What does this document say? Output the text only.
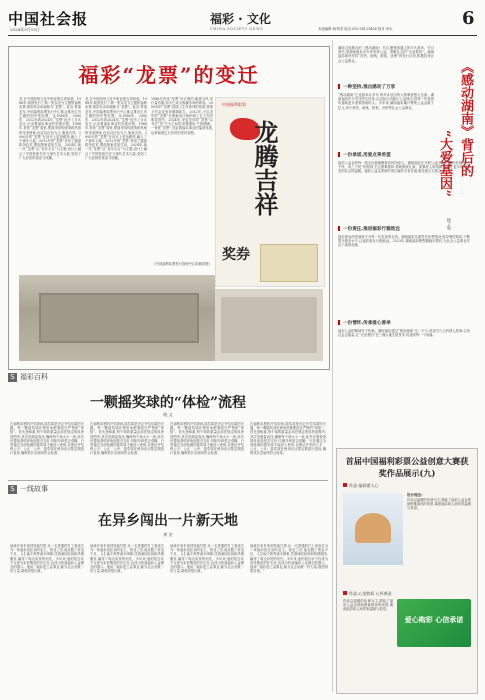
中国社会报
2024年3月15日
福彩 · 文化
CHINA SOCIETY NEWS	本版编辑:杨李国 电话:010-58123456 校对:李永	6
福彩“龙票”的变迁
龙,在中国传统文化中象征着吉祥如意。1988年,我国发行了第一张以龙为主题的福利彩票,被彩民亲切地称为“龙票”。此后,每逢龙年,中国福利彩票发行中心都会推出生肖主题的即开型彩票。从1988年、2000年、2012年到2024年,“龙票”经历了多次变迁,记录着福彩事业的发展历程。1988年,首张“龙票”面世,票面采用传统剪纸风格的龙形图案,色彩以红色为主,寓意吉祥。2000年的“龙票”在设计上更加精美,融入了千禧年元素。2012年的“龙票”采用了镭射防伪技术,票面图案更加生动。2024年,新一代“龙票”以“龙年大吉”为主题,设计上融合了中国传统书法与现代艺术元素,受到了广大彩民的喜爱与收藏。
龙,在中国传统文化中象征着吉祥如意。1988年,我国发行了第一张以龙为主题的福利彩票,被彩民亲切地称为“龙票”。此后,每逢龙年,中国福利彩票发行中心都会推出生肖主题的即开型彩票。从1988年、2000年、2012年到2024年,“龙票”经历了多次变迁,记录着福彩事业的发展历程。1988年,首张“龙票”面世,票面采用传统剪纸风格的龙形图案,色彩以红色为主,寓意吉祥。2000年的“龙票”在设计上更加精美,融入了千禧年元素。2012年的“龙票”采用了镭射防伪技术,票面图案更加生动。2024年,新一代“龙票”以“龙年大吉”为主题,设计上融合了中国传统书法与现代艺术元素,受到了广大彩民的喜爱与收藏。
1988年首张“龙票”设计简约,寓意吉祥,发行量有限,如今已成为收藏市场的珍品。2000年的“龙票”延续了生肖系列的传统,票面上的金龙形象栩栩如生。2012年,壬辰龙年的“龙票”在图案设计和印刷工艺上均有明显提升。2024年,甲辰龙年的“龙票”以书法“龙”字为主视觉,浓墨重彩,气势磅礴。一张张“龙票”,见证着福彩事业的蓬勃发展,也承载着亿万彩民的美好祝愿。
(中国福利彩票发行管理中心供稿供图)
中国福利彩票
龙腾吉祥
奖券
《感动湖南》背后的
“大爱基因”
杨立勋
湖南卫视推出的《感动湖南》节目,聚焦普通人的平凡善举。节目背后,是湖南福彩多年来坚持公益、奉献社会的“大爱基因”。湖南福彩始终坚持“扶老、助残、救孤、济困”的发行宗旨,积极投身社会公益事业。
一种坚持,推出感动了万家
“感动湖南”已连续举办多年,每年评选出的人物事迹感人至深。湖南福彩作为节目的支持者,以实际行动践行公益理念,将每一份善意传递给更多需要帮助的人。多年来,湖南福彩累计筹集公益金数十亿元,用于养老、助残、救孤、济困等社会公益事业。
一份承诺,用爱点亮希望
福彩公益金的每一笔支出都凝聚着彩民的爱心。湖南福彩在开展公益活动时,始终坚持“取之于民、用之于民”的原则,关注困难群体,帮助困境儿童、孤寡老人和残障人士,让更多的人感受到社会的温暖。福彩公益金资助的项目遍布全省各地,惠及数百万群众。
一份责任,推进福彩行稳致远
福彩事业的发展离不开每一位彩民的支持。湖南福彩注重责任彩票建设,倡导理性购彩,不断提升服务水平,让福彩事业行稳致远。2023年,湖南福彩销售额稳步增长,为社会公益事业作出了新的贡献。
一份情怀,传承爱心善举
福彩公益的精神在于传承。湖南福彩通过“感动湖南”这一平台,讲述平凡人的感人故事,弘扬社会正能量,让“大爱基因”在三湘大地生根发芽,传递向每一个角落。
首届中国福利彩票公益创意大赛获奖作品展示(九)
作品:福彩暖人心
设计理念:
作品以温暖的色调为主,描绘了福彩公益金帮助困难群体的场景,寓意福彩给人间带来温暖与希望。
作品:心信购彩 心怀善意
爱心购彩 心信承诺
作品以温暖的色调为主,描绘了福彩公益金帮助困难群体的场景,寓意福彩给人间带来温暖与希望。
S 福彩百科
一颗摇奖球的“体检”流程
晓 文
在福利彩票的开奖现场,摇奖球是决定开奖结果的关键。每一颗摇奖球在使用前都要经过严格的“体检”。首先是称重,每个球的重量必须在规定的误差范围内;其次是测量直径,确保每个球大小一致;此外还要检查球体表面是否完好,印刷号码是否清晰。只有通过全部检测的摇奖球才能投入使用,以保证开奖的公平、公正、公开。摇奖球在使用后还要定期进行复检,确保其状态始终符合标准。
在福利彩票的开奖现场,摇奖球是决定开奖结果的关键。每一颗摇奖球在使用前都要经过严格的“体检”。首先是称重,每个球的重量必须在规定的误差范围内;其次是测量直径,确保每个球大小一致;此外还要检查球体表面是否完好,印刷号码是否清晰。只有通过全部检测的摇奖球才能投入使用,以保证开奖的公平、公正、公开。摇奖球在使用后还要定期进行复检,确保其状态始终符合标准。
在福利彩票的开奖现场,摇奖球是决定开奖结果的关键。每一颗摇奖球在使用前都要经过严格的“体检”。首先是称重,每个球的重量必须在规定的误差范围内;其次是测量直径,确保每个球大小一致;此外还要检查球体表面是否完好,印刷号码是否清晰。只有通过全部检测的摇奖球才能投入使用,以保证开奖的公平、公正、公开。摇奖球在使用后还要定期进行复检,确保其状态始终符合标准。
在福利彩票的开奖现场,摇奖球是决定开奖结果的关键。每一颗摇奖球在使用前都要经过严格的“体检”。首先是称重,每个球的重量必须在规定的误差范围内;其次是测量直径,确保每个球大小一致;此外还要检查球体表面是否完好,印刷号码是否清晰。只有通过全部检测的摇奖球才能投入使用,以保证开奖的公平、公正、公开。摇奖球在使用后还要定期进行复检,确保其状态始终符合标准。
S 一线故事
在异乡闯出一片新天地
黄 安
他离开家乡来到异地打拼,从一名普通的打工者成长为一家福彩投注站的业主。创业之初,他克服了资金不足、人生地不熟等诸多困难,凭借诚信经营和热情服务,赢得了周边彩民的信任。多年来,他的投注站不仅成为彩民购彩的好去处,也成为传递福彩公益理念的窗口。他说:“福彩是公益事业,能为社会贡献一份力量,我感到很自豪。”
他离开家乡来到异地打拼,从一名普通的打工者成长为一家福彩投注站的业主。创业之初,他克服了资金不足、人生地不熟等诸多困难,凭借诚信经营和热情服务,赢得了周边彩民的信任。多年来,他的投注站不仅成为彩民购彩的好去处,也成为传递福彩公益理念的窗口。他说:“福彩是公益事业,能为社会贡献一份力量,我感到很自豪。”
他离开家乡来到异地打拼,从一名普通的打工者成长为一家福彩投注站的业主。创业之初,他克服了资金不足、人生地不熟等诸多困难,凭借诚信经营和热情服务,赢得了周边彩民的信任。多年来,他的投注站不仅成为彩民购彩的好去处,也成为传递福彩公益理念的窗口。他说:“福彩是公益事业,能为社会贡献一份力量,我感到很自豪。”
他离开家乡来到异地打拼,从一名普通的打工者成长为一家福彩投注站的业主。创业之初,他克服了资金不足、人生地不熟等诸多困难,凭借诚信经营和热情服务,赢得了周边彩民的信任。多年来,他的投注站不仅成为彩民购彩的好去处,也成为传递福彩公益理念的窗口。他说:“福彩是公益事业,能为社会贡献一份力量,我感到很自豪。”
